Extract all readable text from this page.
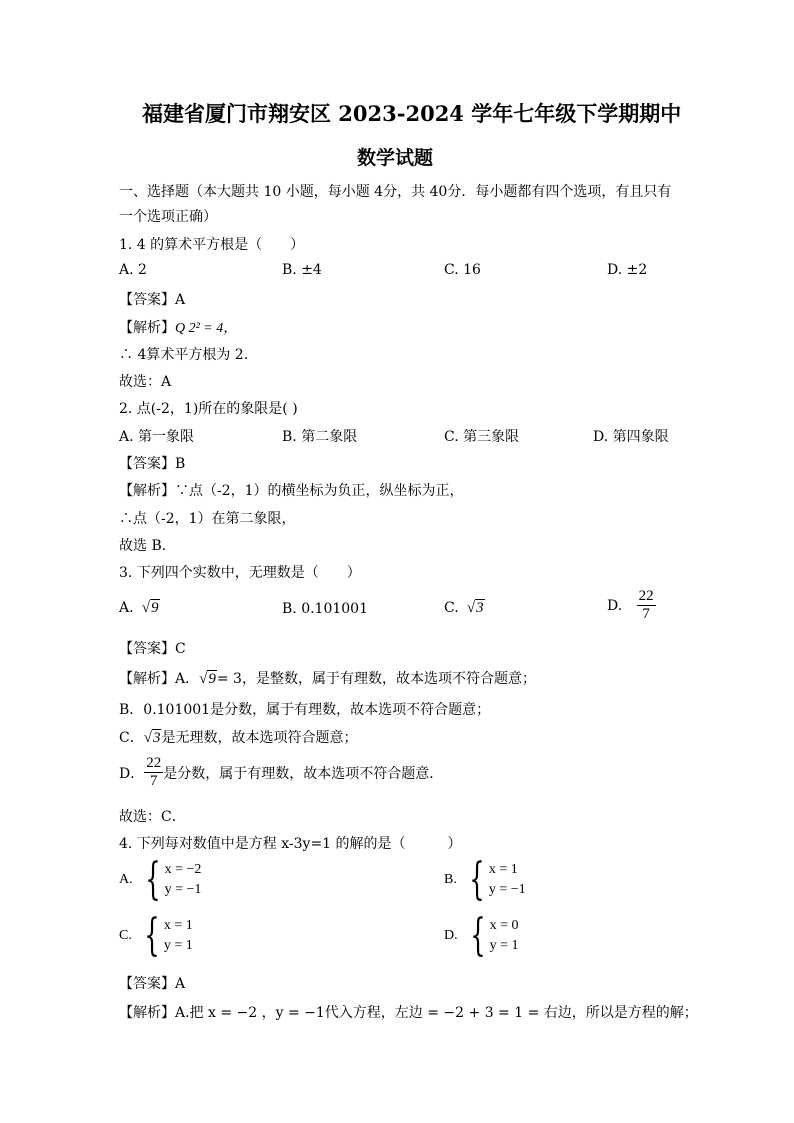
福建省厦门市翔安区 2023-2024 学年七年级下学期期中
数学试题
一、选择题（本大题共 10 小题，每小题 4分，共 40分．每小题都有四个选项，有且只有
一个选项正确）
1. 4 的算术平方根是（　　）
A. 2	B. ±4	C. 16	D. ±2
【答案】A
【解析】Q 2² = 4，
∴ 4算术平方根为 2．
故选：A
2. 点(-2，1)所在的象限是( )
A. 第一象限	B. 第二象限	C. 第三象限	D. 第四象限
【答案】B
【解析】∵点（-2，1）的横坐标为负正，纵坐标为正，
∴点（-2，1）在第二象限，
故选 B．
3. 下列四个实数中，无理数是（　　）
A.  √9	B. 0.101001	C.  √3	D. $\frac{22}{7}$
【答案】C
【解析】A．√9= 3，是整数，属于有理数，故本选项不符合题意；
B．0.101001是分数，属于有理数，故本选项不符合题意；
C．√3是无理数，故本选项符合题意；
D． $\frac{22}{7}$ 是分数，属于有理数，故本选项不符合题意．
故选：C．
4. 下列每对数值中是方程 x-3y=1 的解的是（　　　）
A. { x = −2
y = −1
B. { x = 1
y = −1
C. { x = 1
y = 1
D. { x = 0
y = 1
【答案】A
【解析】A.把 x = −2 ，y = −1代入方程，左边 = −2 + 3 = 1 = 右边，所以是方程的解；
